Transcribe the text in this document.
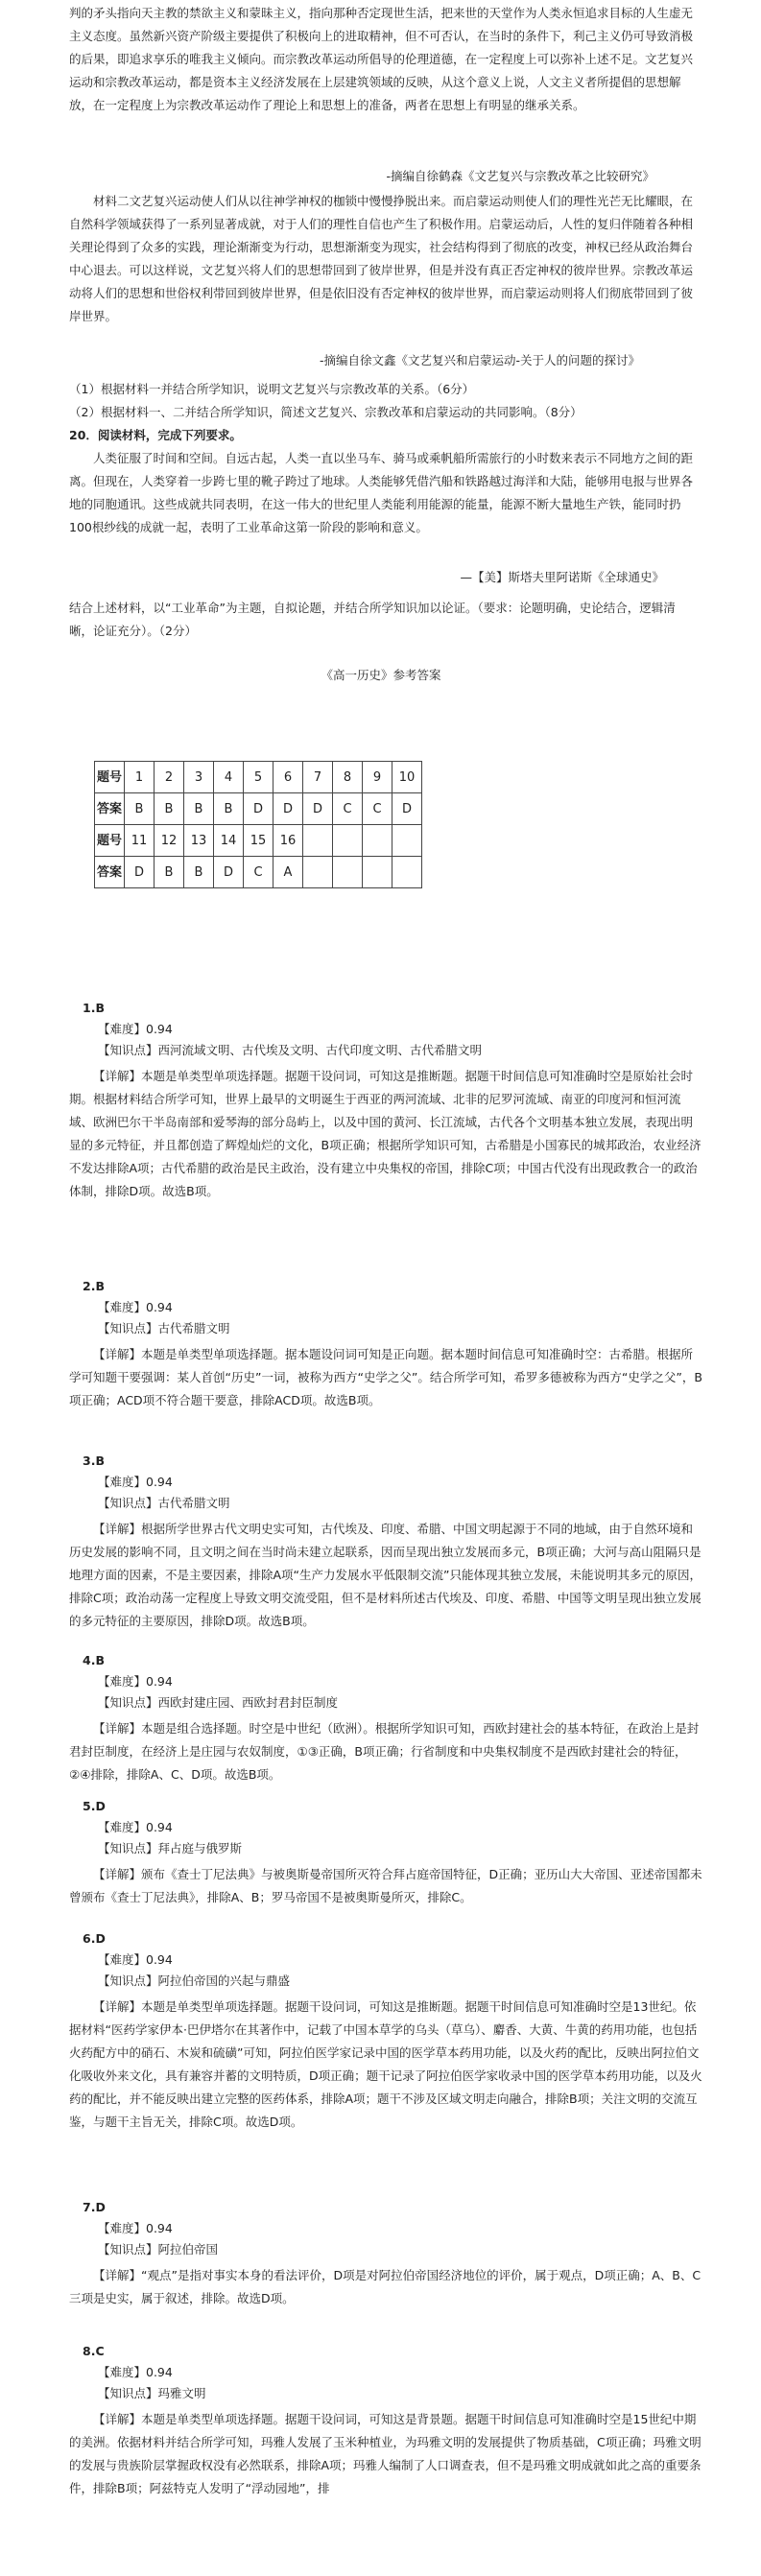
判的矛头指向天主教的禁欲主义和蒙昧主义，指向那种否定现世生活，把来世的天堂作为人类永恒追求目标的人生虚无主义态度。虽然新兴资产阶级主要提供了积极向上的进取精神，但不可否认，在当时的条件下，利己主义仍可导致消极的后果，即追求享乐的唯我主义倾向。而宗教改革运动所倡导的伦理道德，在一定程度上可以弥补上述不足。文艺复兴运动和宗教改革运动，都是资本主义经济发展在上层建筑领域的反映，从这个意义上说，人文主义者所提倡的思想解放，在一定程度上为宗教改革运动作了理论上和思想上的准备，两者在思想上有明显的继承关系。

-摘编自徐鹤森《文艺复兴与宗教改革之比较研究》

材料二文艺复兴运动使人们从以往神学神权的枷锁中慢慢挣脱出来。而启蒙运动则使人们的理性光芒无比耀眼，在自然科学领域获得了一系列显著成就，对于人们的理性自信也产生了积极作用。启蒙运动后，人性的复归伴随着各种相关理论得到了众多的实践，理论渐渐变为行动，思想渐渐变为现实，社会结构得到了彻底的改变，神权已经从政治舞台中心退去。可以这样说，文艺复兴将人们的思想带回到了彼岸世界，但是并没有真正否定神权的彼岸世界。宗教改革运动将人们的思想和世俗权利带回到彼岸世界，但是依旧没有否定神权的彼岸世界，而启蒙运动则将人们彻底带回到了彼岸世界。

-摘编自徐文鑫《文艺复兴和启蒙运动-关于人的问题的探讨》

（1）根据材料一并结合所学知识，说明文艺复兴与宗教改革的关系。（6分）

（2）根据材料一、二并结合所学知识，简述文艺复兴、宗教改革和启蒙运动的共同影响。（8分）

20．阅读材料，完成下列要求。

人类征服了时间和空间。自远古起，人类一直以坐马车、骑马或乘帆船所需旅行的小时数来表示不同地方之间的距离。但现在，人类穿着一步跨七里的靴子跨过了地球。人类能够凭借汽船和铁路越过海洋和大陆，能够用电报与世界各地的同胞通讯。这些成就共同表明，在这一伟大的世纪里人类能利用能源的能量，能源不断大量地生产铁，能同时扔100根纱线的成就一起，表明了工业革命这第一阶段的影响和意义。

—【美】斯塔夫里阿诺斯《全球通史》

结合上述材料，以“工业革命”为主题，自拟论题，并结合所学知识加以论证。（要求：论题明确，史论结合，逻辑清晰，论证充分）。（2分）

《高一历史》参考答案

题号	1	2	3	4	5	6	7	8	9	10
答案	B	B	B	B	D	D	D	C	C	D
题号	11	12	13	14	15	16				
答案	D	B	B	D	C	A				
1.B
【难度】0.94
【知识点】西河流域文明、古代埃及文明、古代印度文明、古代希腊文明
【详解】本题是单类型单项选择题。据题干设问词，可知这是推断题。据题干时间信息可知准确时空是原始社会时期。根据材料结合所学可知，世界上最早的文明诞生于西亚的两河流域、北非的尼罗河流域、南亚的印度河和恒河流域、欧洲巴尔干半岛南部和爱琴海的部分岛屿上，以及中国的黄河、长江流域，古代各个文明基本独立发展，表现出明显的多元特征，并且都创造了辉煌灿烂的文化，B项正确；根据所学知识可知，古希腊是小国寡民的城邦政治，农业经济不发达排除A项；古代希腊的政治是民主政治，没有建立中央集权的帝国，排除C项；中国古代没有出现政教合一的政治体制，排除D项。故选B项。
2.B
【难度】0.94
【知识点】古代希腊文明
【详解】本题是单类型单项选择题。据本题设问词可知是正向题。据本题时间信息可知准确时空：古希腊。根据所学可知题干要强调：某人首创“历史”一词，被称为西方“史学之父”。结合所学可知，希罗多德被称为西方“史学之父”，B项正确；ACD项不符合题干要意，排除ACD项。故选B项。
3.B
【难度】0.94
【知识点】古代希腊文明
【详解】根据所学世界古代文明史实可知，古代埃及、印度、希腊、中国文明起源于不同的地域，由于自然环境和历史发展的影响不同，且文明之间在当时尚未建立起联系，因而呈现出独立发展而多元，B项正确；大河与高山阻隔只是地理方面的因素，不是主要因素，排除A项“生产力发展水平低限制交流”只能体现其独立发展，未能说明其多元的原因，排除C项；政治动荡一定程度上导致文明交流受阻，但不是材料所述古代埃及、印度、希腊、中国等文明呈现出独立发展的多元特征的主要原因，排除D项。故选B项。
4.B
【难度】0.94
【知识点】西欧封建庄园、西欧封君封臣制度
【详解】本题是组合选择题。时空是中世纪（欧洲）。根据所学知识可知，西欧封建社会的基本特征，在政治上是封君封臣制度，在经济上是庄园与农奴制度，①③正确，B项正确；行省制度和中央集权制度不是西欧封建社会的特征，②④排除，排除A、C、D项。故选B项。
5.D
【难度】0.94
【知识点】拜占庭与俄罗斯
【详解】颁布《查士丁尼法典》与被奥斯曼帝国所灭符合拜占庭帝国特征，D正确；亚历山大大帝国、亚述帝国都未曾颁布《查士丁尼法典》，排除A、B；罗马帝国不是被奥斯曼所灭，排除C。
6.D
【难度】0.94
【知识点】阿拉伯帝国的兴起与鼎盛
【详解】本题是单类型单项选择题。据题干设问词，可知这是推断题。据题干时间信息可知准确时空是13世纪。依据材料“医药学家伊本·巴伊塔尔在其著作中，记载了中国本草学的乌头（草乌）、麝香、大黄、牛黄的药用功能，也包括火药配方中的硝石、木炭和硫磺”可知，阿拉伯医学家记录中国的医学草本药用功能，以及火药的配比，反映出阿拉伯文化吸收外来文化，具有兼容并蓄的文明特质，D项正确；题干记录了阿拉伯医学家收录中国的医学草本药用功能，以及火药的配比，并不能反映出建立完整的医药体系，排除A项；题干不涉及区域文明走向融合，排除B项；关注文明的交流互鉴，与题干主旨无关，排除C项。故选D项。
7.D
【难度】0.94
【知识点】阿拉伯帝国
【详解】“观点”是指对事实本身的看法评价，D项是对阿拉伯帝国经济地位的评价，属于观点，D项正确；A、B、C三项是史实，属于叙述，排除。故选D项。
8.C
【难度】0.94
【知识点】玛雅文明
【详解】本题是单类型单项选择题。据题干设问词，可知这是背景题。据题干时间信息可知准确时空是15世纪中期的美洲。依据材料并结合所学可知，玛雅人发展了玉米种植业，为玛雅文明的发展提供了物质基础，C项正确；玛雅文明的发展与贵族阶层掌握政权没有必然联系，排除A项；玛雅人编制了人口调查表，但不是玛雅文明成就如此之高的重要条件，排除B项；阿兹特克人发明了“浮动园地”，排
